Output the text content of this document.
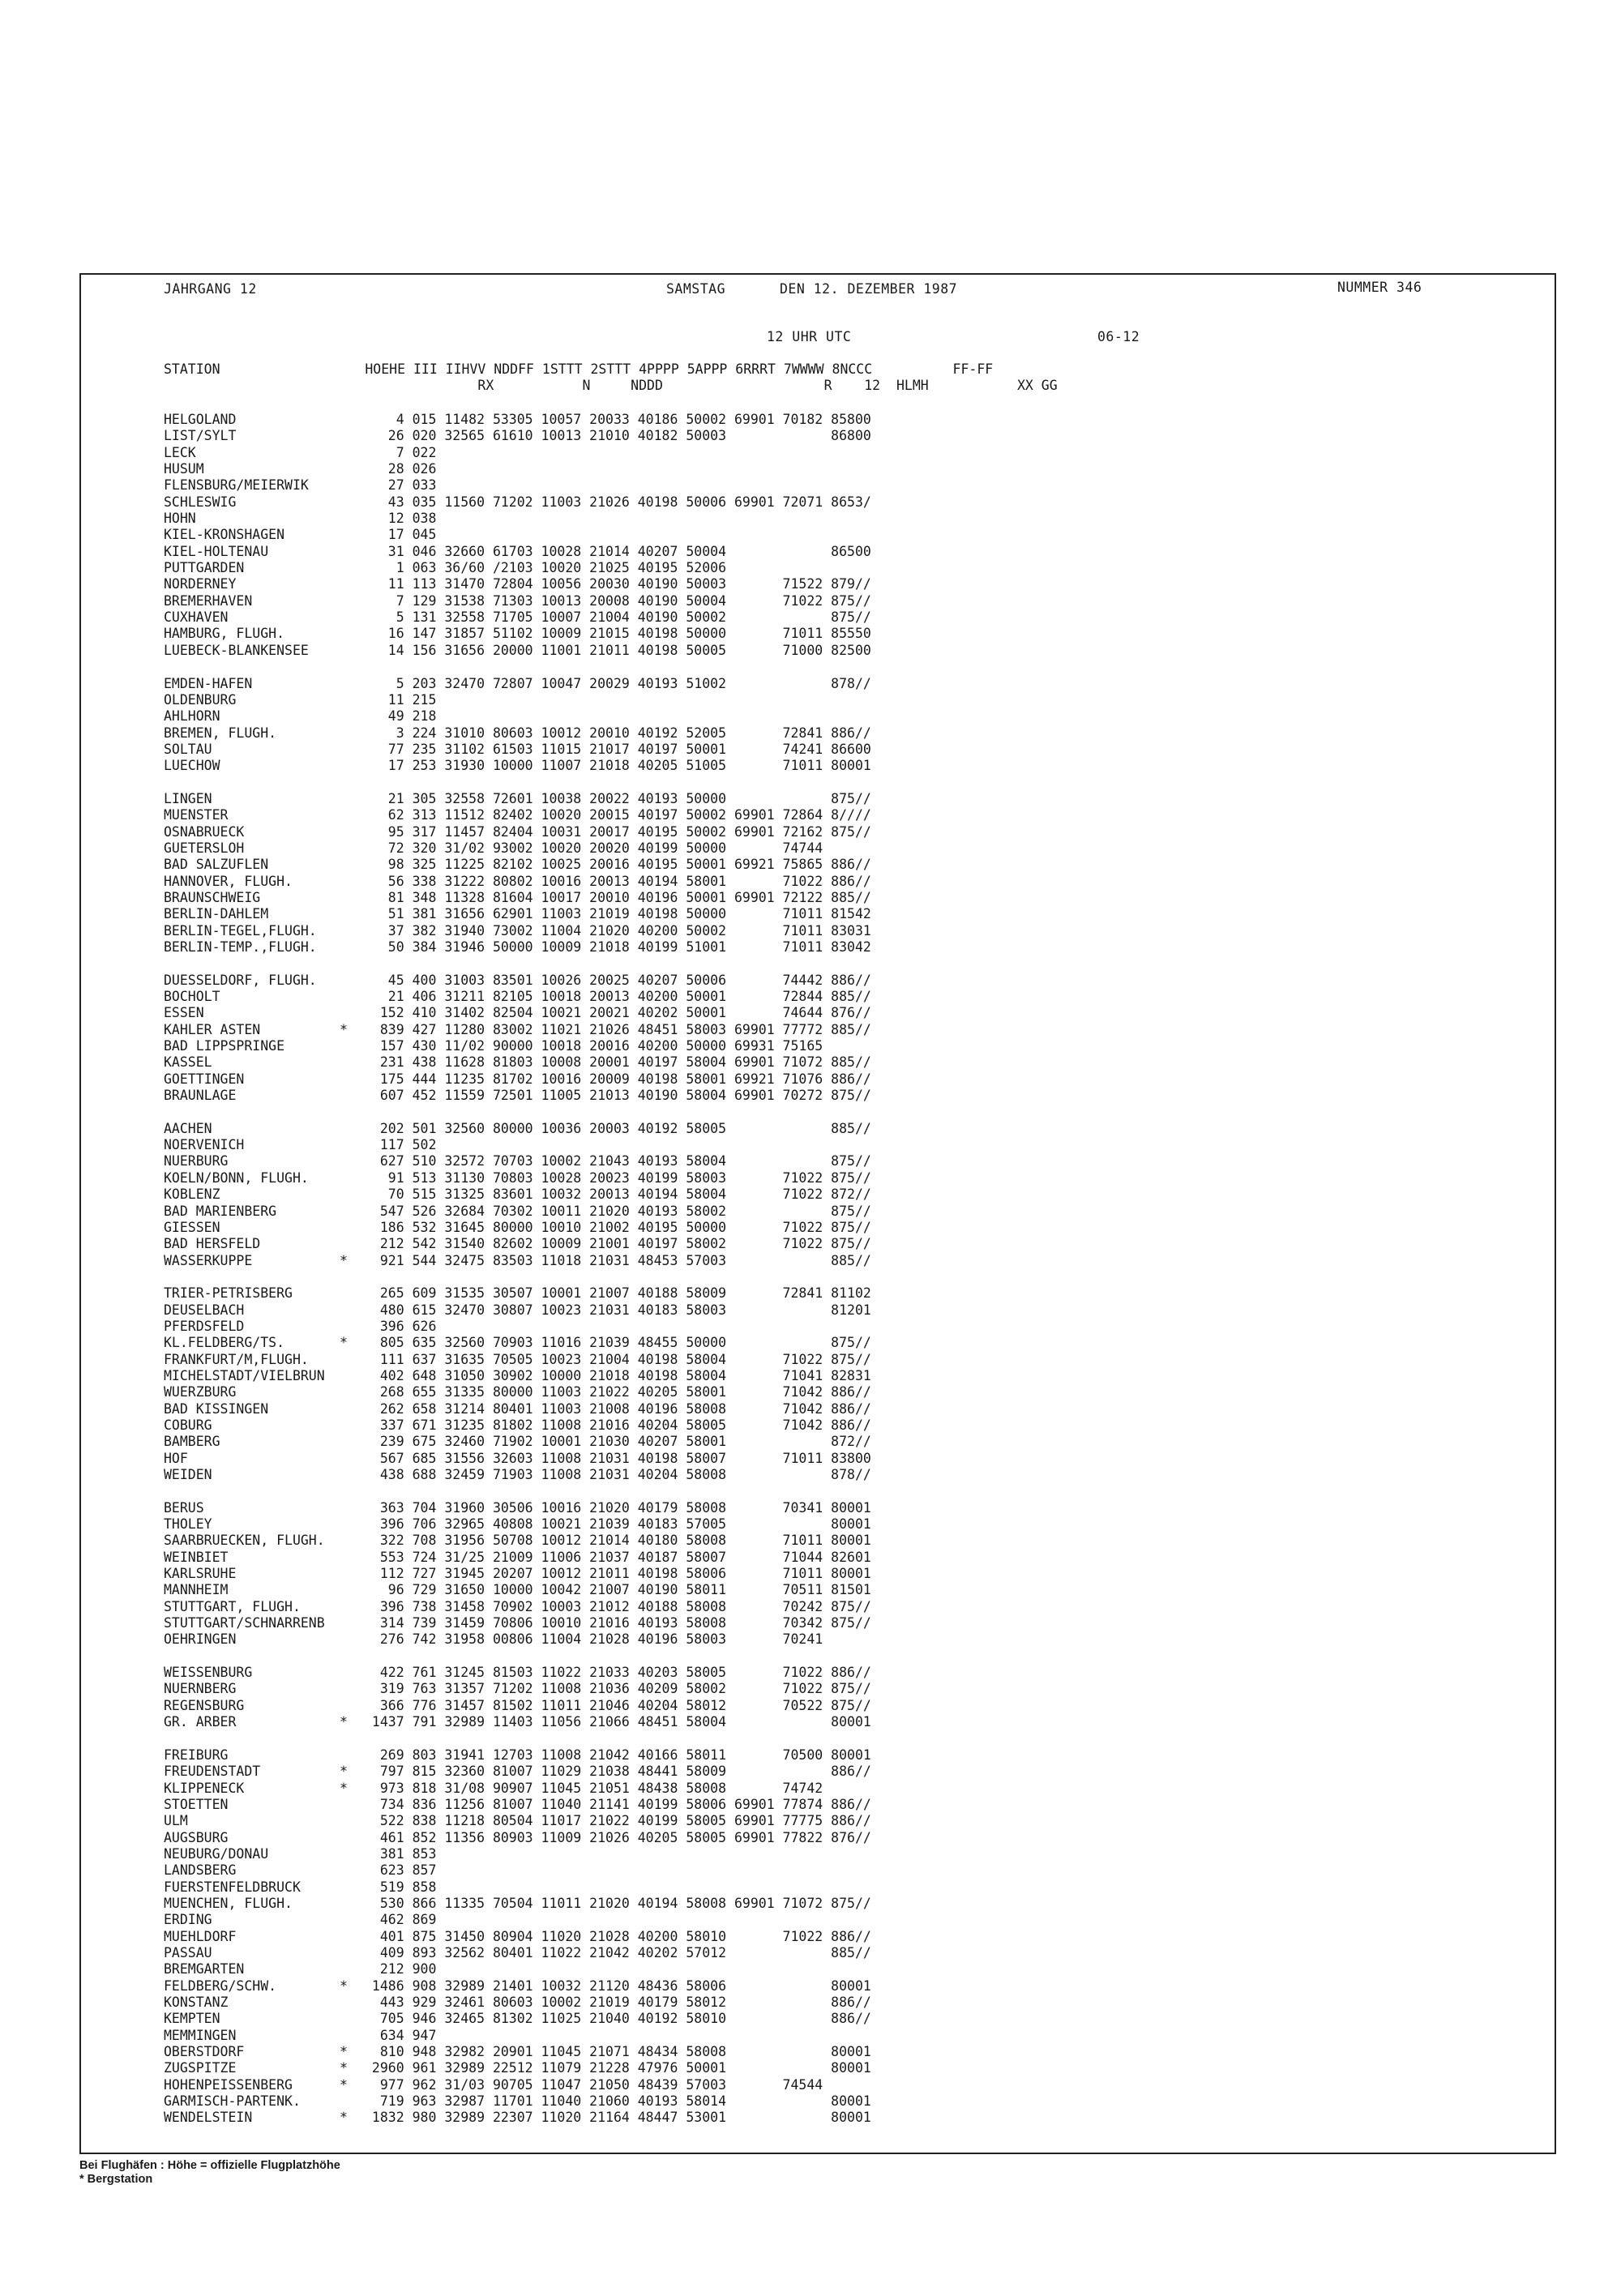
JAHRGANG 12	SAMSTAG	DEN 12. DEZEMBER 1987	NUMMER 346
12 UHR UTC	06-12
STATION                  HOEHE III IIHVV NDDFF 1STTT 2STTT 4PPPP 5APPP 6RRRT 7WWWW 8NCCC          FF-FF
RX           N     NDDD                    R    12  HLMH           XX GG
HELGOLAND	4 015 11482 53305 10057 20033 40186 50002 69901 70182 85800
LIST/SYLT	26 020 32565 61610 10013 21010 40182 50003             86800
LECK	7 022
HUSUM	28 026
FLENSBURG/MEIERWIK	27 033
SCHLESWIG	43 035 11560 71202 11003 21026 40198 50006 69901 72071 8653/
HOHN	12 038
KIEL-KRONSHAGEN	17 045
KIEL-HOLTENAU	31 046 32660 61703 10028 21014 40207 50004             86500
PUTTGARDEN	1 063 36/60 /2103 10020 21025 40195 52006
NORDERNEY	11 113 31470 72804 10056 20030 40190 50003       71522 879//
BREMERHAVEN	7 129 31538 71303 10013 20008 40190 50004       71022 875//
CUXHAVEN	5 131 32558 71705 10007 21004 40190 50002             875//
HAMBURG, FLUGH.	16 147 31857 51102 10009 21015 40198 50000       71011 85550
LUEBECK-BLANKENSEE	14 156 31656 20000 11001 21011 40198 50005       71000 82500
EMDEN-HAFEN	5 203 32470 72807 10047 20029 40193 51002             878//
OLDENBURG	11 215
AHLHORN	49 218
BREMEN, FLUGH.	3 224 31010 80603 10012 20010 40192 52005       72841 886//
SOLTAU	77 235 31102 61503 11015 21017 40197 50001       74241 86600
LUECHOW	17 253 31930 10000 11007 21018 40205 51005       71011 80001
LINGEN	21 305 32558 72601 10038 20022 40193 50000             875//
MUENSTER	62 313 11512 82402 10020 20015 40197 50002 69901 72864 8////
OSNABRUECK	95 317 11457 82404 10031 20017 40195 50002 69901 72162 875//
GUETERSLOH	72 320 31/02 93002 10020 20020 40199 50000       74744
BAD SALZUFLEN	98 325 11225 82102 10025 20016 40195 50001 69921 75865 886//
HANNOVER, FLUGH.	56 338 31222 80802 10016 20013 40194 58001       71022 886//
BRAUNSCHWEIG	81 348 11328 81604 10017 20010 40196 50001 69901 72122 885//
BERLIN-DAHLEM	51 381 31656 62901 11003 21019 40198 50000       71011 81542
BERLIN-TEGEL,FLUGH.	37 382 31940 73002 11004 21020 40200 50002       71011 83031
BERLIN-TEMP.,FLUGH.	50 384 31946 50000 10009 21018 40199 51001       71011 83042
DUESSELDORF, FLUGH.	45 400 31003 83501 10026 20025 40207 50006       74442 886//
BOCHOLT	21 406 31211 82105 10018 20013 40200 50001       72844 885//
ESSEN	152 410 31402 82504 10021 20021 40202 50001       74644 876//
KAHLER ASTEN	* 839 427 11280 83002 11021 21026 48451 58003 69901 77772 885//
BAD LIPPSPRINGE	157 430 11/02 90000 10018 20016 40200 50000 69931 75165
KASSEL	231 438 11628 81803 10008 20001 40197 58004 69901 71072 885//
GOETTINGEN	175 444 11235 81702 10016 20009 40198 58001 69921 71076 886//
BRAUNLAGE	607 452 11559 72501 11005 21013 40190 58004 69901 70272 875//
AACHEN	202 501 32560 80000 10036 20003 40192 58005             885//
NOERVENICH	117 502
NUERBURG	627 510 32572 70703 10002 21043 40193 58004             875//
KOELN/BONN, FLUGH.	91 513 31130 70803 10028 20023 40199 58003       71022 875//
KOBLENZ	70 515 31325 83601 10032 20013 40194 58004       71022 872//
BAD MARIENBERG	547 526 32684 70302 10011 21020 40193 58002             875//
GIESSEN	186 532 31645 80000 10010 21002 40195 50000       71022 875//
BAD HERSFELD	212 542 31540 82602 10009 21001 40197 58002       71022 875//
WASSERKUPPE	* 921 544 32475 83503 11018 21031 48453 57003             885//
TRIER-PETRISBERG	265 609 31535 30507 10001 21007 40188 58009       72841 81102
DEUSELBACH	480 615 32470 30807 10023 21031 40183 58003             81201
PFERDSFELD	396 626
KL.FELDBERG/TS.	* 805 635 32560 70903 11016 21039 48455 50000             875//
FRANKFURT/M,FLUGH.	111 637 31635 70505 10023 21004 40198 58004       71022 875//
MICHELSTADT/VIELBRUN	402 648 31050 30902 10000 21018 40198 58004       71041 82831
WUERZBURG	268 655 31335 80000 11003 21022 40205 58001       71042 886//
BAD KISSINGEN	262 658 31214 80401 11003 21008 40196 58008       71042 886//
COBURG	337 671 31235 81802 11008 21016 40204 58005       71042 886//
BAMBERG	239 675 32460 71902 10001 21030 40207 58001             872//
HOF	567 685 31556 32603 11008 21031 40198 58007       71011 83800
WEIDEN	438 688 32459 71903 11008 21031 40204 58008             878//
BERUS	363 704 31960 30506 10016 21020 40179 58008       70341 80001
THOLEY	396 706 32965 40808 10021 21039 40183 57005             80001
SAARBRUECKEN, FLUGH.	322 708 31956 50708 10012 21014 40180 58008       71011 80001
WEINBIET	553 724 31/25 21009 11006 21037 40187 58007       71044 82601
KARLSRUHE	112 727 31945 20207 10012 21011 40198 58006       71011 80001
MANNHEIM	96 729 31650 10000 10042 21007 40190 58011       70511 81501
STUTTGART, FLUGH.	396 738 31458 70902 10003 21012 40188 58008       70242 875//
STUTTGART/SCHNARRENB	314 739 31459 70806 10010 21016 40193 58008       70342 875//
OEHRINGEN	276 742 31958 00806 11004 21028 40196 58003       70241
WEISSENBURG	422 761 31245 81503 11022 21033 40203 58005       71022 886//
NUERNBERG	319 763 31357 71202 11008 21036 40209 58002       71022 875//
REGENSBURG	366 776 31457 81502 11011 21046 40204 58012       70522 875//
GR. ARBER	* 1437 791 32989 11403 11056 21066 48451 58004             80001
FREIBURG	269 803 31941 12703 11008 21042 40166 58011       70500 80001
FREUDENSTADT	* 797 815 32360 81007 11029 21038 48441 58009             886//
KLIPPENECK	* 973 818 31/08 90907 11045 21051 48438 58008       74742
STOETTEN	734 836 11256 81007 11040 21141 40199 58006 69901 77874 886//
ULM	522 838 11218 80504 11017 21022 40199 58005 69901 77775 886//
AUGSBURG	461 852 11356 80903 11009 21026 40205 58005 69901 77822 876//
NEUBURG/DONAU	381 853
LANDSBERG	623 857
FUERSTENFELDBRUCK	519 858
MUENCHEN, FLUGH.	530 866 11335 70504 11011 21020 40194 58008 69901 71072 875//
ERDING	462 869
MUEHLDORF	401 875 31450 80904 11020 21028 40200 58010       71022 886//
PASSAU	409 893 32562 80401 11022 21042 40202 57012             885//
BREMGARTEN	212 900
FELDBERG/SCHW.	* 1486 908 32989 21401 10032 21120 48436 58006             80001
KONSTANZ	443 929 32461 80603 10002 21019 40179 58012             886//
KEMPTEN	705 946 32465 81302 11025 21040 40192 58010             886//
MEMMINGEN	634 947
OBERSTDORF	* 810 948 32982 20901 11045 21071 48434 58008             80001
ZUGSPITZE	* 2960 961 32989 22512 11079 21228 47976 50001             80001
HOHENPEISSENBERG	* 977 962 31/03 90705 11047 21050 48439 57003       74544
GARMISCH-PARTENK.	719 963 32987 11701 11040 21060 40193 58014             80001
WENDELSTEIN	* 1832 980 32989 22307 11020 21164 48447 53001             80001
Bei Flughäfen : Höhe = offizielle Flugplatzhöhe
* Bergstation
